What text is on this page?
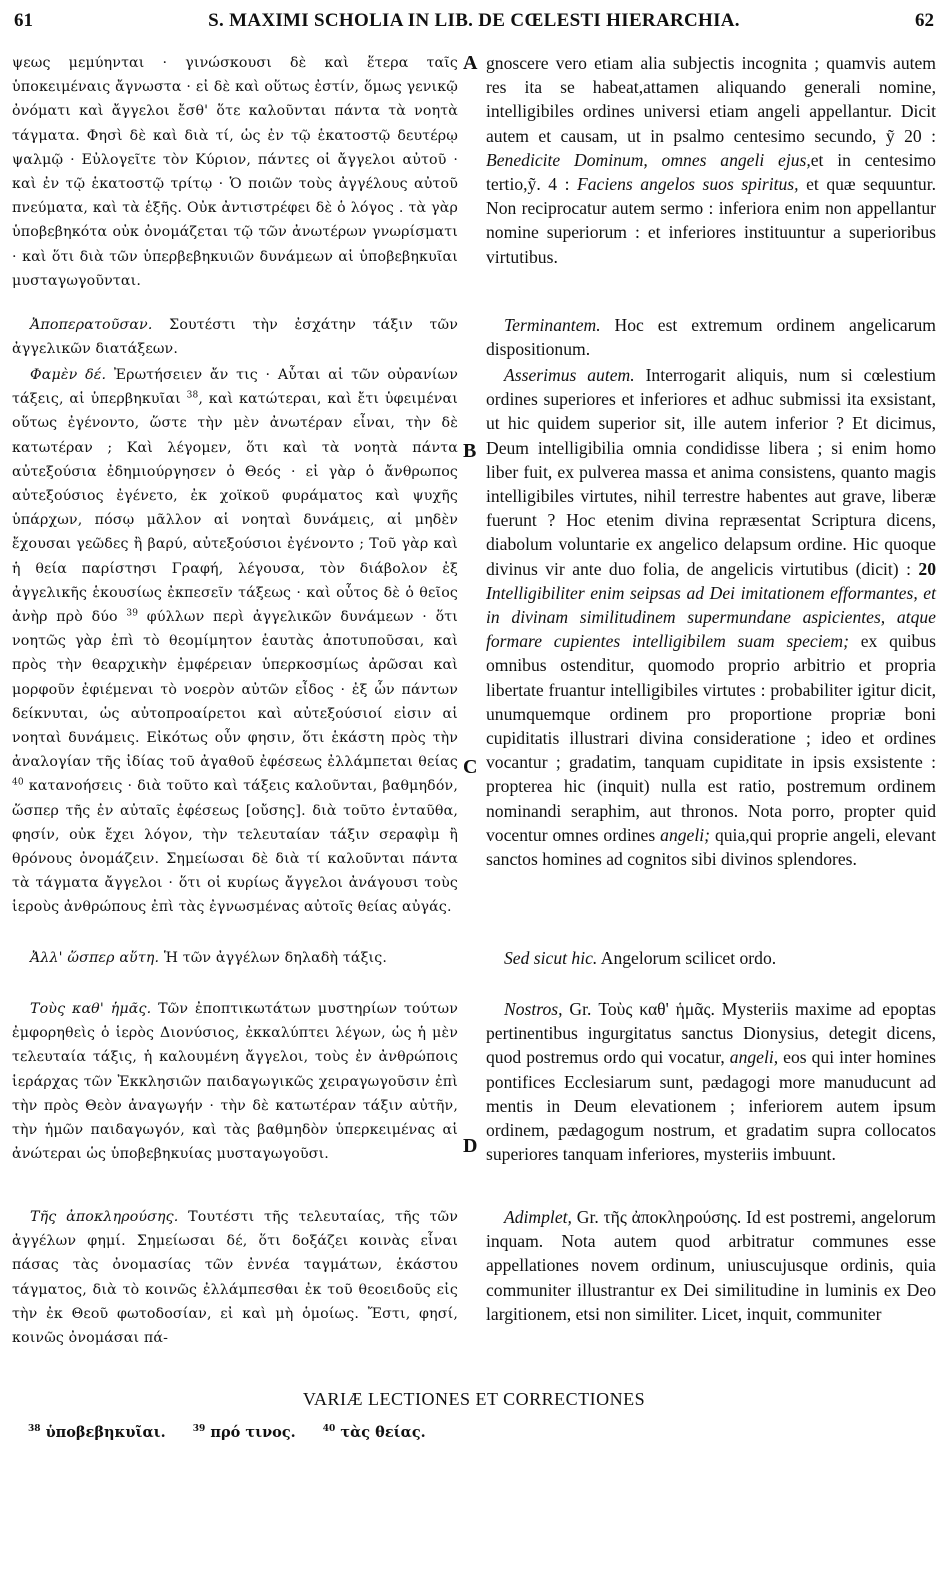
61	S. MAXIMI SCHOLIA IN LIB. DE CŒLESTI HIERARCHIA.	62
A
B
C
D

ψεως μεμύηνται · γινώσκουσι δὲ καὶ ἕτερα ταῖς ὑποκειμέναις ἄγνωστα · εἰ δὲ καὶ οὕτως ἐστίν, ὅμως γενικῷ ὀνόματι καὶ ἄγγελοι ἔσθ' ὅτε καλοῦνται πάντα τὰ νοητὰ τάγματα. Φησὶ δὲ καὶ διὰ τί, ὡς ἐν τῷ ἑκατοστῷ δευτέρῳ ψαλμῷ · Εὐλογεῖτε τὸν Κύριον, πάντες οἱ ἄγγελοι αὐτοῦ · καὶ ἐν τῷ ἑκατοστῷ τρίτῳ · Ὁ ποιῶν τοὺς ἀγγέλους αὐτοῦ πνεύματα, καὶ τὰ ἑξῆς. Οὐκ ἀντιστρέφει δὲ ὁ λόγος . τὰ γὰρ ὑποβεβηκότα οὐκ ὀνομάζεται τῷ τῶν ἀνωτέρων γνωρίσματι · καὶ ὅτι διὰ τῶν ὑπερβεβηκυιῶν δυνάμεων αἱ ὑποβεβηκυῖαι μυσταγωγοῦνται.

Ἀποπερατοῦσαν. Σουτέστι τὴν ἐσχάτην τάξιν τῶν ἀγγελικῶν διατάξεων.

Φαμὲν δέ. Ἐρωτήσειεν ἄν τις · Αὗται αἱ τῶν οὐρανίων τάξεις, αἱ ὑπερβηκυῖαι $^{38}$, καὶ κατώτεραι, καὶ ἔτι ὑφειμέναι οὕτως ἐγένοντο, ὥστε τὴν μὲν ἀνωτέραν εἶναι, τὴν δὲ κατωτέραν ; Καὶ λέγομεν, ὅτι καὶ τὰ νοητὰ πάντα αὐτεξούσια ἐδημιούργησεν ὁ Θεός · εἰ γὰρ ὁ ἄνθρωπος αὐτεξούσιος ἐγένετο, ἐκ χοϊκοῦ φυράματος καὶ ψυχῆς ὑπάρχων, πόσῳ μᾶλλον αἱ νοηταὶ δυνάμεις, αἱ μηδὲν ἔχουσαι γεῶδες ἢ βαρύ, αὐτεξούσιοι ἐγένοντο ; Τοῦ γὰρ καὶ ἡ θεία παρίστησι Γραφή, λέγουσα, τὸν διάβολον ἐξ ἀγγελικῆς ἑκουσίως ἐκπεσεῖν τάξεως · καὶ οὗτος δὲ ὁ θεῖος ἀνὴρ πρὸ δύο $^{39}$ φύλλων περὶ ἀγγελικῶν δυνάμεων · ὅτι νοητῶς γὰρ ἐπὶ τὸ θεομίμητον ἑαυτὰς ἀποτυποῦσαι, καὶ πρὸς τὴν θεαρχικὴν ἐμφέρειαν ὑπερκοσμίως ἀρῶσαι καὶ μορφοῦν ἐφιέμεναι τὸ νοερὸν αὐτῶν εἶδος · ἐξ ὧν πάντων δείκνυται, ὡς αὐτοπροαίρετοι καὶ αὐτεξούσιοί εἰσιν αἱ νοηταὶ δυνάμεις. Εἰκότως οὖν φησιν, ὅτι ἑκάστη πρὸς τὴν ἀναλογίαν τῆς ἰδίας τοῦ ἀγαθοῦ ἐφέσεως ἐλλάμπεται θείας $^{40}$ κατανοήσεις · διὰ τοῦτο καὶ τάξεις καλοῦνται, βαθμηδόν, ὥσπερ τῆς ἐν αὐταῖς ἐφέσεως [οὔσης]. διὰ τοῦτο ἐνταῦθα, φησίν, οὐκ ἔχει λόγον, τὴν τελευταίαν τάξιν σεραφὶμ ἢ θρόνους ὀνομάζειν. Σημείωσαι δὲ διὰ τί καλοῦνται πάντα τὰ τάγματα ἄγγελοι · ὅτι οἱ κυρίως ἄγγελοι ἀνάγουσι τοὺς ἱεροὺς ἀνθρώπους ἐπὶ τὰς ἐγνωσμένας αὐτοῖς θείας αὐγάς.

Ἀλλ' ὥσπερ αὕτη. Ἡ τῶν ἀγγέλων δηλαδὴ τάξις.

Τοὺς καθ' ἡμᾶς. Τῶν ἐποπτικωτάτων μυστηρίων τούτων ἐμφορηθεὶς ὁ ἱερὸς Διονύσιος, ἐκκαλύπτει λέγων, ὡς ἡ μὲν τελευταία τάξις, ἡ καλουμένη ἄγγελοι, τοὺς ἐν ἀνθρώποις ἱεράρχας τῶν Ἐκκλησιῶν παιδαγωγικῶς χειραγωγοῦσιν ἐπὶ τὴν πρὸς Θεὸν ἀναγωγήν · τὴν δὲ κατωτέραν τάξιν αὐτῆν, τὴν ἡμῶν παιδαγωγόν, καὶ τὰς βαθμηδὸν ὑπερκειμένας αἱ ἀνώτεραι ὡς ὑποβεβηκυίας μυσταγωγοῦσι.

Τῆς ἀποκληρούσης. Τουτέστι τῆς τελευταίας, τῆς τῶν ἀγγέλων φημί. Σημείωσαι δέ, ὅτι δοξάζει κοινὰς εἶναι πάσας τὰς ὀνομασίας τῶν ἐννέα ταγμάτων, ἑκάστου τάγματος, διὰ τὸ κοινῶς ἐλλάμπεσθαι ἐκ τοῦ θεοειδοῦς εἰς τὴν ἐκ Θεοῦ φωτοδοσίαν, εἰ καὶ μὴ ὁμοίως. Ἔστι, φησί, κοινῶς ὀνομάσαι πά-

gnoscere vero etiam alia subjectis incognita ; quamvis autem res ita se habeat,attamen aliquando generali nomine, intelligibiles ordines universi etiam angeli appellantur. Dicit autem et causam, ut in psalmo centesimo secundo, ỹ 20 : Benedicite Dominum, omnes angeli ejus,et in centesimo tertio,ỹ. 4 : Faciens angelos suos spiritus, et quæ sequuntur. Non reciprocatur autem sermo : inferiora enim non appellantur nomine superiorum : et inferiores instituuntur a superioribus virtutibus.

Terminantem. Hoc est extremum ordinem angelicarum dispositionum.

Asserimus autem. Interrogarit aliquis, num si cœlestium ordines superiores et inferiores et adhuc submissi ita exsistant, ut hic quidem superior sit, ille autem inferior ? Et dicimus, Deum intelligibilia omnia condidisse libera ; si enim homo liber fuit, ex pulverea massa et anima consistens, quanto magis intelligibiles virtutes, nihil terrestre habentes aut grave, liberæ fuerunt ? Hoc etenim divina repræsentat Scriptura dicens, diabolum voluntarie ex angelico delapsum ordine. Hic quoque divinus vir ante duo folia, de angelicis virtutibus (dicit) : 20 Intelligibiliter enim seipsas ad Dei imitationem efformantes, et in divinam similitudinem supermundane aspicientes, atque formare cupientes intelligibilem suam speciem; ex quibus omnibus ostenditur, quomodo proprio arbitrio et propria libertate fruantur intelligibiles virtutes : probabiliter igitur dicit, unumquemque ordinem pro proportione propriæ boni cupiditatis illustrari divina consideratione ; ideo et ordines vocantur ; gradatim, tanquam cupiditate in ipsis exsistente : propterea hic (inquit) nulla est ratio, postremum ordinem nominandi seraphim, aut thronos. Nota porro, propter quid vocentur omnes ordines angeli; quia,qui proprie angeli, elevant sanctos homines ad cognitos sibi divinos splendores.

Sed sicut hic. Angelorum scilicet ordo.

Nostros, Gr. Τοὺς καθ' ἡμᾶς. Mysteriis maxime ad epoptas pertinentibus ingurgitatus sanctus Dionysius, detegit dicens, quod postremus ordo qui vocatur, angeli, eos qui inter homines pontifices Ecclesiarum sunt, pædagogi more manuducunt ad mentis in Deum elevationem ; inferiorem autem ipsum ordinem, pædagogum nostrum, et gradatim supra collocatos superiores tanquam inferiores, mysteriis imbuunt.

Adimplet, Gr. τῆς ἀποκληρούσης. Id est postremi, angelorum inquam. Nota autem quod arbitratur communes esse appellationes novem ordinum, uniuscujusque ordinis, quia communiter illustrantur ex Dei similitudine in luminis ex Deo largitionem, etsi non similiter. Licet, inquit, communiter

VARIÆ LECTIONES ET CORRECTIONES
$^{38}$ ὑποβεβηκυῖαι.	$^{39}$ πρό τινος.	$^{40}$ τὰς θείας.
